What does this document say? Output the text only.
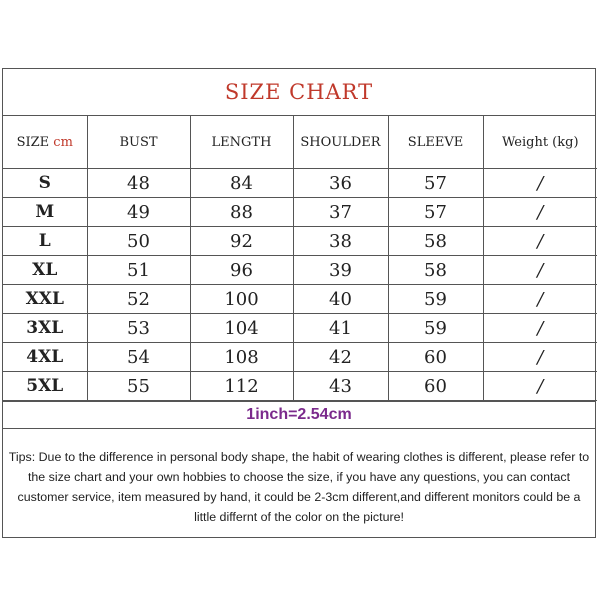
SIZE CHART
SIZE cm	BUST	LENGTH	SHOULDER	SLEEVE	Weight (kg)
S	48	84	36	57	/
M	49	88	37	57	/
L	50	92	38	58	/
XL	51	96	39	58	/
XXL	52	100	40	59	/
3XL	53	104	41	59	/
4XL	54	108	42	60	/
5XL	55	112	43	60	/
1inch=2.54cm
Tips: Due to the difference in personal body shape, the habit of wearing clothes is different, please refer to the size chart and your own hobbies to choose the size, if you have any questions, you can contact customer service, item measured by hand, it could be 2-3cm different,and different monitors could be a little differnt of the color on the picture!
